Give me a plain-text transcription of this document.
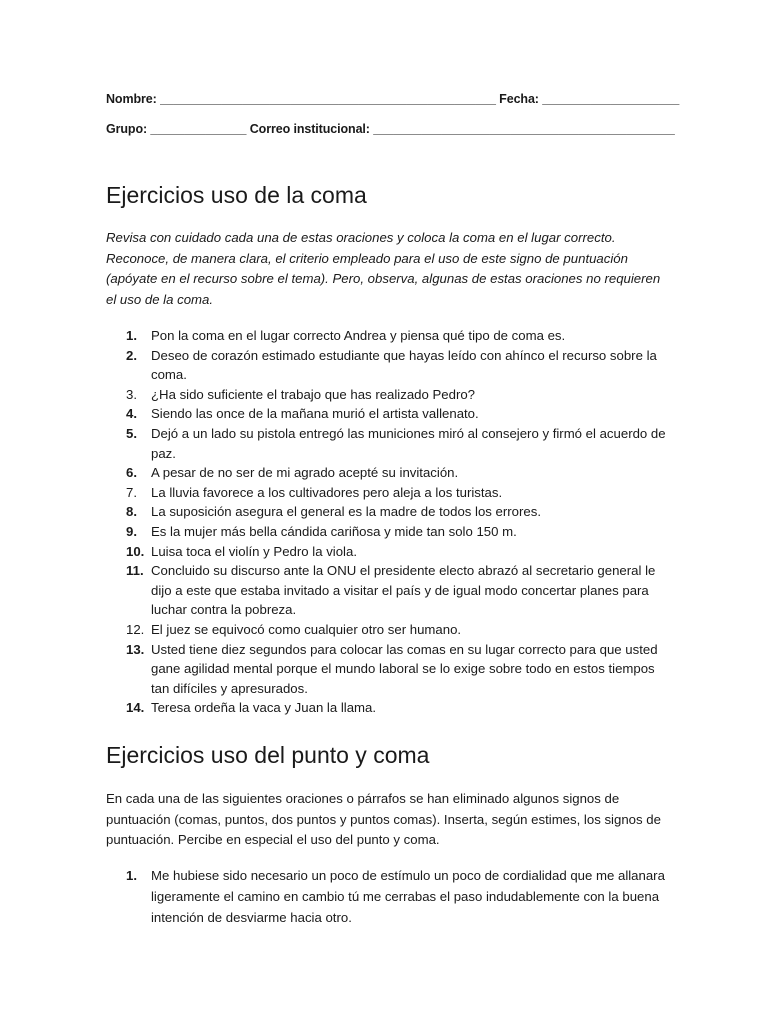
Nombre: _________________________________________________ Fecha: ____________________
Grupo: ______________ Correo institucional: ____________________________________________
Ejercicios uso de la coma

Revisa con cuidado cada una de estas oraciones y coloca la coma en el lugar correcto. Reconoce, de manera clara, el criterio empleado para el uso de este signo de puntuación (apóyate en el recurso sobre el tema). Pero, observa, algunas de estas oraciones no requieren el uso de la coma.

1. Pon la coma en el lugar correcto Andrea y piensa qué tipo de coma es.
2. Deseo de corazón estimado estudiante que hayas leído con ahínco el recurso sobre la coma.
3. ¿Ha sido suficiente el trabajo que has realizado Pedro?
4. Siendo las once de la mañana murió el artista vallenato.
5. Dejó a un lado su pistola entregó las municiones miró al consejero y firmó el acuerdo de paz.
6. A pesar de no ser de mi agrado acepté su invitación.
7. La lluvia favorece a los cultivadores pero aleja a los turistas.
8. La suposición asegura el general es la madre de todos los errores.
9. Es la mujer más bella cándida cariñosa y mide tan solo 150 m.
10. Luisa toca el violín y Pedro la viola.
11. Concluido su discurso ante la ONU el presidente electo abrazó al secretario general le dijo a este que estaba invitado a visitar el país y de igual modo concertar planes para luchar contra la pobreza.
12. El juez se equivocó como cualquier otro ser humano.
13. Usted tiene diez segundos para colocar las comas en su lugar correcto para que usted gane agilidad mental porque el mundo laboral se lo exige sobre todo en estos tiempos tan difíciles y apresurados.
14. Teresa ordeña la vaca y Juan la llama.
Ejercicios uso del punto y coma

En cada una de las siguientes oraciones o párrafos se han eliminado algunos signos de puntuación (comas, puntos, dos puntos y puntos comas). Inserta, según estimes, los signos de puntuación. Percibe en especial el uso del punto y coma.

1. Me hubiese sido necesario un poco de estímulo un poco de cordialidad que me allanara ligeramente el camino en cambio tú me cerrabas el paso indudablemente con la buena intención de desviarme hacia otro.
